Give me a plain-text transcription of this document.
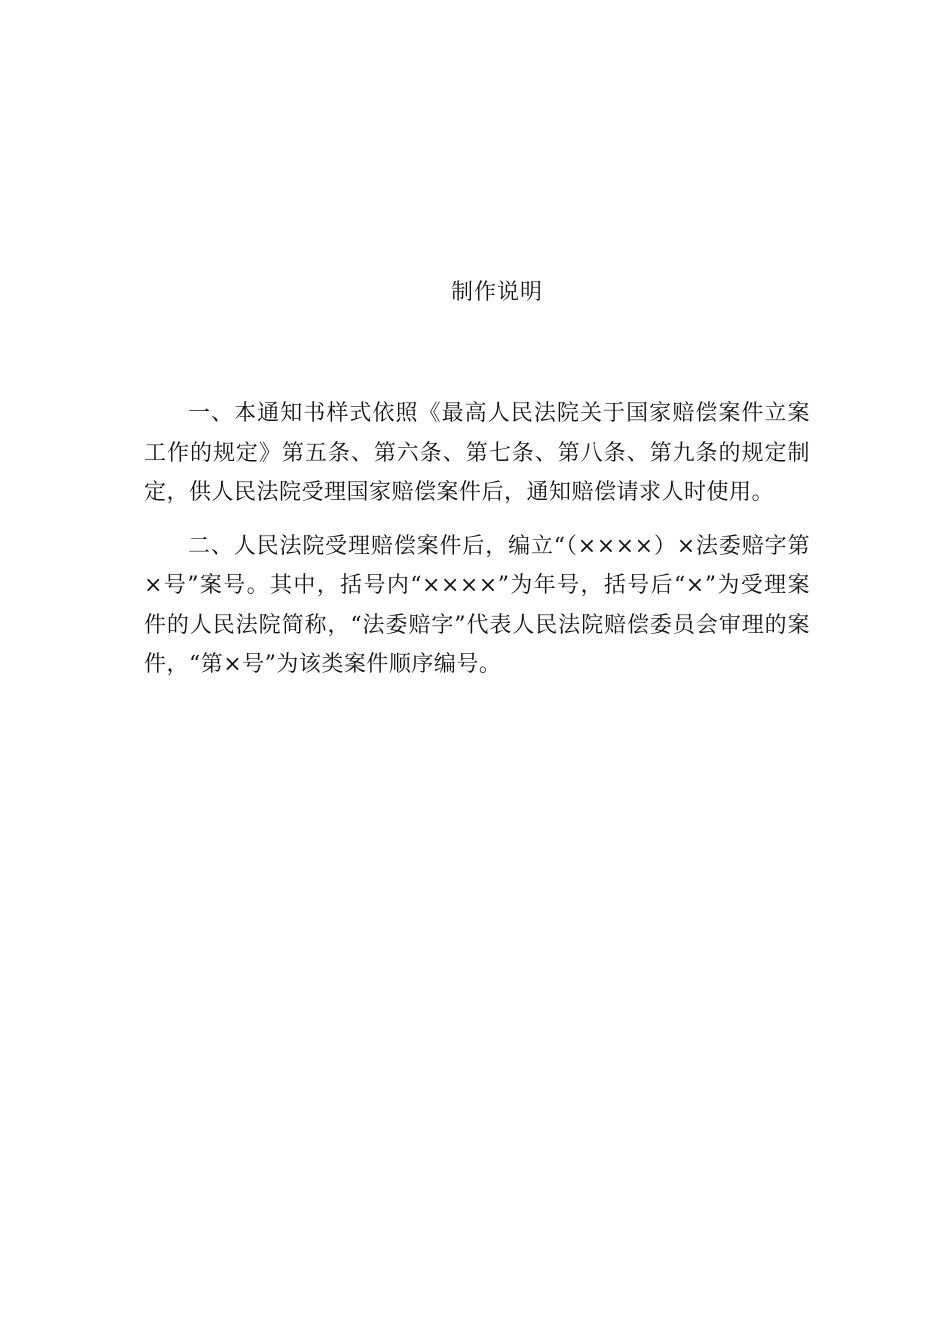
制作说明

一、本通知书样式依照《最高人民法院关于国家赔偿案件立案工作的规定》第五条、第六条、第七条、第八条、第九条的规定制定，供人民法院受理国家赔偿案件后，通知赔偿请求人时使用。

二、人民法院受理赔偿案件后，编立“（××××）×法委赔字第×号”案号。其中，括号内“××××”为年号，括号后“×”为受理案件的人民法院简称，“法委赔字”代表人民法院赔偿委员会审理的案件，“第×号”为该类案件顺序编号。
